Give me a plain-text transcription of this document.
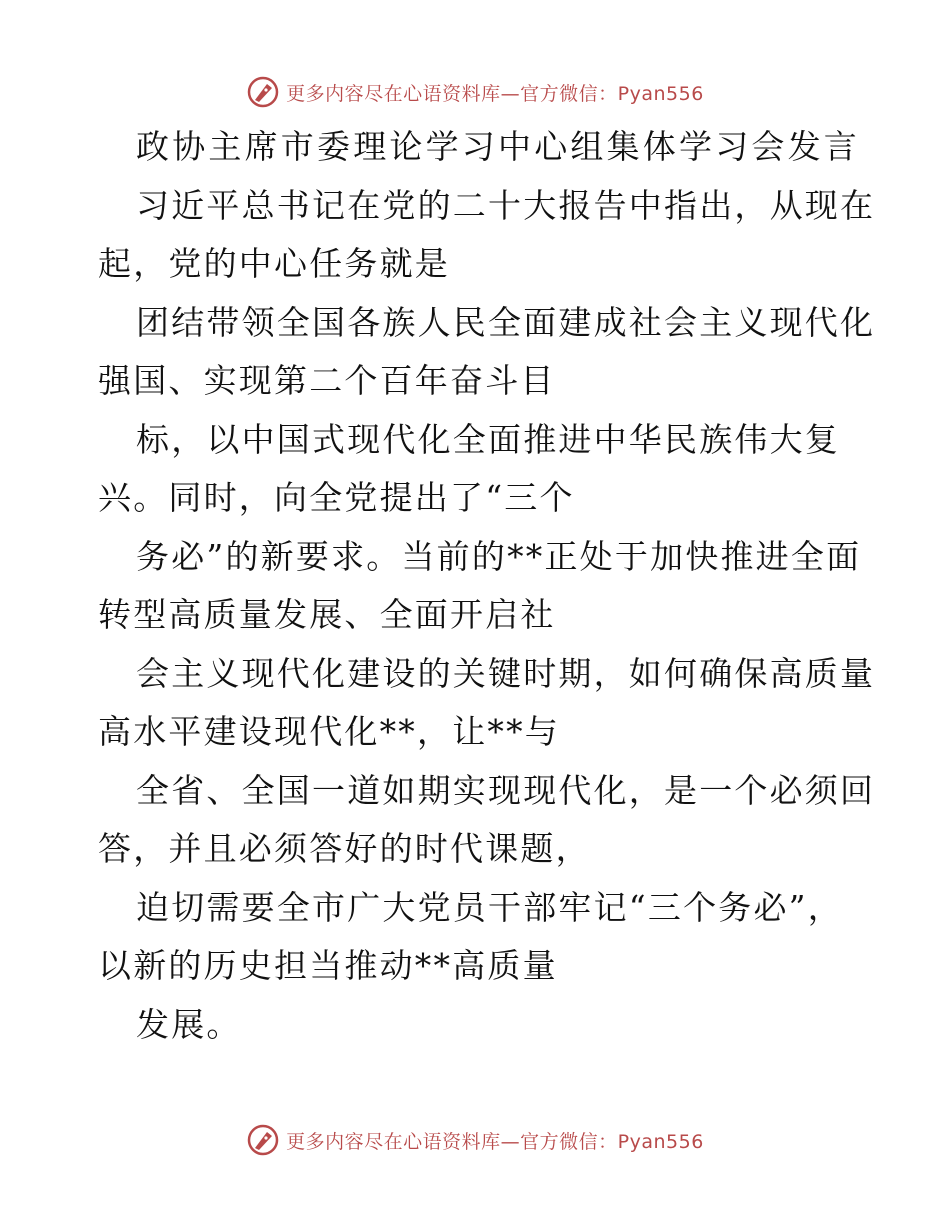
更多内容尽在心语资料库—官方微信：Pyan556
政协主席市委理论学习中心组集体学习会发言
习近平总书记在党的二十大报告中指出，从现在
起，党的中心任务就是
团结带领全国各族人民全面建成社会主义现代化
强国、实现第二个百年奋斗目
标，以中国式现代化全面推进中华民族伟大复
兴。同时，向全党提出了“三个
务必”的新要求。当前的**正处于加快推进全面
转型高质量发展、全面开启社
会主义现代化建设的关键时期，如何确保高质量
高水平建设现代化**，让**与
全省、全国一道如期实现现代化，是一个必须回
答，并且必须答好的时代课题，
迫切需要全市广大党员干部牢记“三个务必”，
以新的历史担当推动**高质量
发展。
更多内容尽在心语资料库—官方微信：Pyan556
